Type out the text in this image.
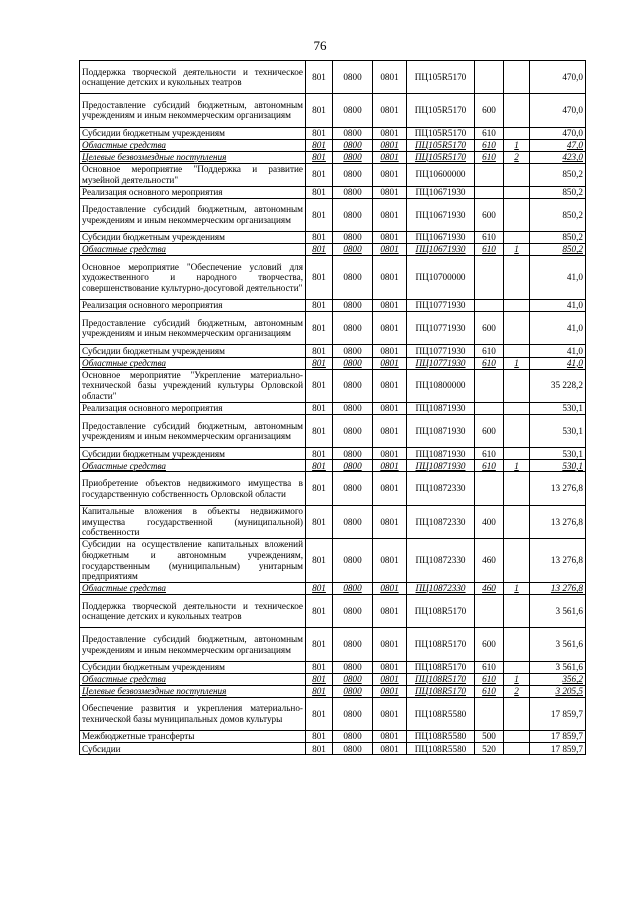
76
Поддержка творческой деятельности и техническое оснащение детских и кукольных театров	801	0800	0801	ПЦ105R5170			470,0
Предоставление субсидий бюджетным, автономным учреждениям и иным некоммерческим организациям	801	0800	0801	ПЦ105R5170	600		470,0
Субсидии бюджетным учреждениям	801	0800	0801	ПЦ105R5170	610		470,0
Областные средства	801	0800	0801	ПЦ105R5170	610	1	47,0
Целевые безвозмездные поступления	801	0800	0801	ПЦ105R5170	610	2	423,0
Основное мероприятие "Поддержка и развитие музейной деятельности"	801	0800	0801	ПЦ10600000			850,2
Реализация основного мероприятия	801	0800	0801	ПЦ10671930			850,2
Предоставление субсидий бюджетным, автономным учреждениям и иным некоммерческим организациям	801	0800	0801	ПЦ10671930	600		850,2
Субсидии бюджетным учреждениям	801	0800	0801	ПЦ10671930	610		850,2
Областные средства	801	0800	0801	ПЦ10671930	610	1	850,2
Основное мероприятие "Обеспечение условий для художественного и народного творчества, совершенствование культурно-досуговой деятельности"	801	0800	0801	ПЦ10700000			41,0
Реализация основного мероприятия	801	0800	0801	ПЦ10771930			41,0
Предоставление субсидий бюджетным, автономным учреждениям и иным некоммерческим организациям	801	0800	0801	ПЦ10771930	600		41,0
Субсидии бюджетным учреждениям	801	0800	0801	ПЦ10771930	610		41,0
Областные средства	801	0800	0801	ПЦ10771930	610	1	41,0
Основное мероприятие "Укрепление материально-технической базы учреждений культуры Орловской области"	801	0800	0801	ПЦ10800000			35 228,2
Реализация основного мероприятия	801	0800	0801	ПЦ10871930			530,1
Предоставление субсидий бюджетным, автономным учреждениям и иным некоммерческим организациям	801	0800	0801	ПЦ10871930	600		530,1
Субсидии бюджетным учреждениям	801	0800	0801	ПЦ10871930	610		530,1
Областные средства	801	0800	0801	ПЦ10871930	610	1	530,1
Приобретение объектов недвижимого имущества в государственную собственность Орловской области	801	0800	0801	ПЦ10872330			13 276,8
Капитальные вложения в объекты недвижимого имущества государственной (муниципальной) собственности	801	0800	0801	ПЦ10872330	400		13 276,8
Субсидии на осуществление капитальных вложений бюджетным и автономным учреждениям, государственным (муниципальным) унитарным предприятиям	801	0800	0801	ПЦ10872330	460		13 276,8
Областные средства	801	0800	0801	ПЦ10872330	460	1	13 276,8
Поддержка творческой деятельности и техническое оснащение детских и кукольных театров	801	0800	0801	ПЦ108R5170			3 561,6
Предоставление субсидий бюджетным, автономным учреждениям и иным некоммерческим организациям	801	0800	0801	ПЦ108R5170	600		3 561,6
Субсидии бюджетным учреждениям	801	0800	0801	ПЦ108R5170	610		3 561,6
Областные средства	801	0800	0801	ПЦ108R5170	610	1	356,2
Целевые безвозмездные поступления	801	0800	0801	ПЦ108R5170	610	2	3 205,5
Обеспечение развития и укрепления материально-технической базы муниципальных домов культуры	801	0800	0801	ПЦ108R5580			17 859,7
Межбюджетные трансферты	801	0800	0801	ПЦ108R5580	500		17 859,7
Субсидии	801	0800	0801	ПЦ108R5580	520		17 859,7
